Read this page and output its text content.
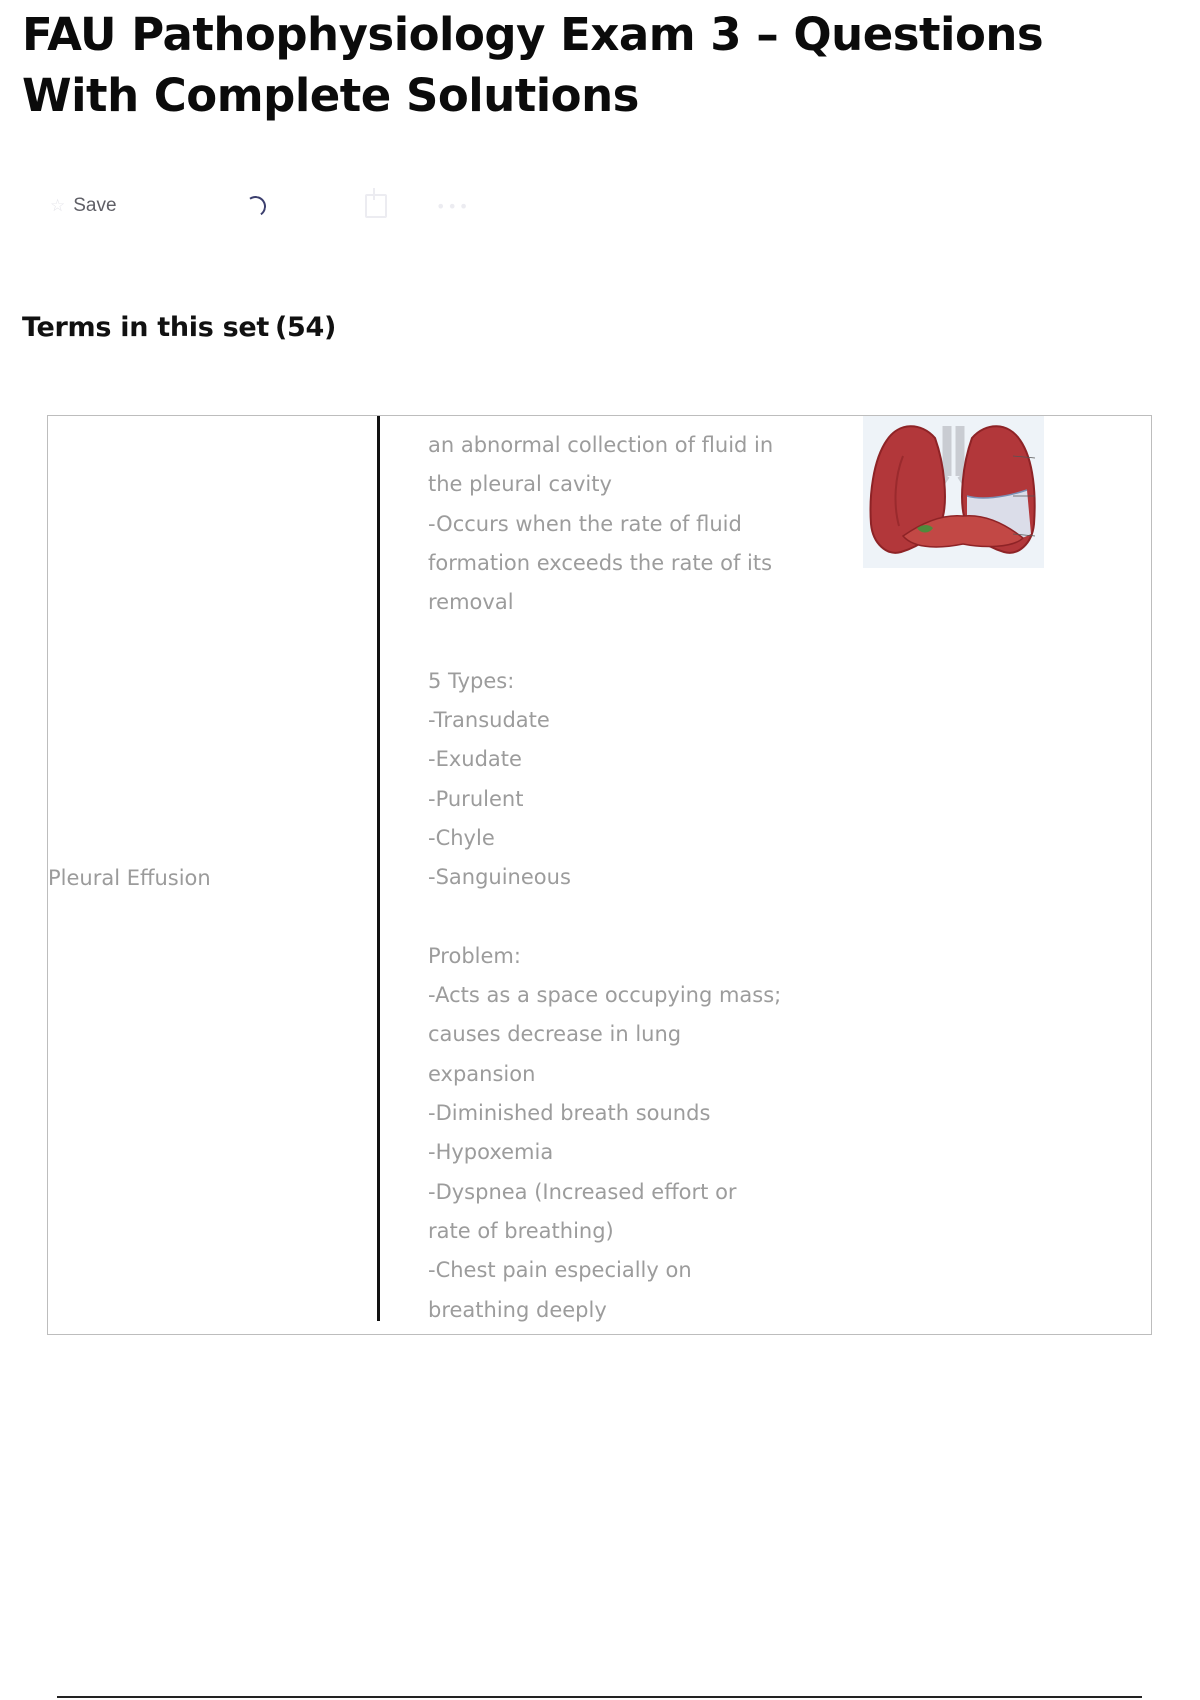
FAU Pathophysiology Exam 3 – Questions With Complete Solutions
☆ Save	•••
Terms in this set (54)
Pleural Effusion
an abnormal collection of fluid in
the pleural cavity
-Occurs when the rate of fluid
formation exceeds the rate of its
removal
5 Types:
-Transudate
-Exudate
-Purulent
-Chyle
-Sanguineous
Problem:
-Acts as a space occupying mass;
causes decrease in lung
expansion
-Diminished breath sounds
-Hypoxemia
-Dyspnea (Increased effort or
rate of breathing)
-Chest pain especially on
breathing deeply
